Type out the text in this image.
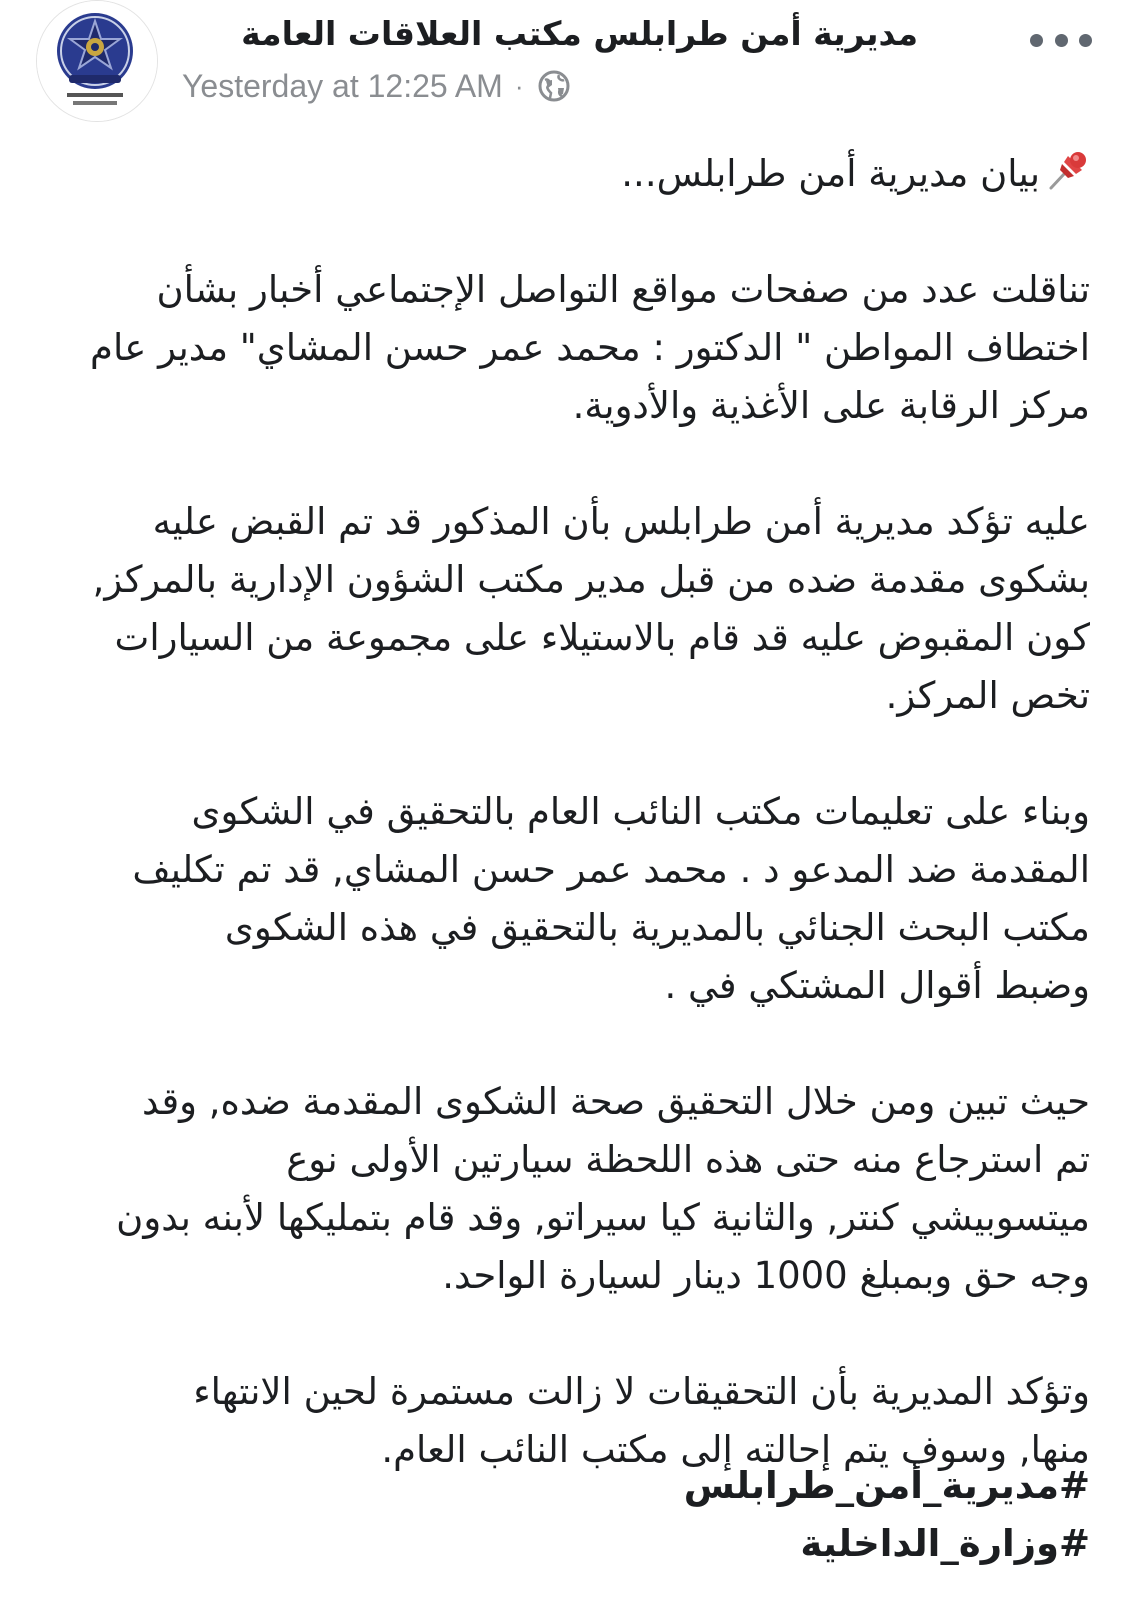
مديرية أمن طرابلس مكتب العلاقات العامة
Yesterday at 12:25 AM ·

بيان مديرية أمن طرابلس...

تناقلت عدد من صفحات مواقع التواصل الإجتماعي أخبار بشأن
اختطاف المواطن " الدكتور : محمد عمر حسن المشاي" مدير عام
مركز الرقابة على الأغذية والأدوية.

عليه تؤكد مديرية أمن طرابلس بأن المذكور قد تم القبض عليه
بشكوى مقدمة ضده من قبل مدير مكتب الشؤون الإدارية بالمركز,
كون المقبوض عليه قد قام بالاستيلاء على مجموعة من السيارات
تخص المركز.

وبناء على تعليمات مكتب النائب العام بالتحقيق في الشكوى
المقدمة ضد المدعو د . محمد عمر حسن المشاي, قد تم تكليف
مكتب البحث الجنائي بالمديرية بالتحقيق في هذه الشكوى
وضبط أقوال المشتكي في .

حيث تبين ومن خلال التحقيق صحة الشكوى المقدمة ضده, وقد
تم استرجاع منه حتى هذه اللحظة سيارتين الأولى نوع
ميتسوبيشي كنتر, والثانية كيا سيراتو, وقد قام بتمليكها لأبنه بدون
وجه حق وبمبلغ 1000 دينار لسيارة الواحد.

وتؤكد المديرية بأن التحقيقات لا زالت مستمرة لحين الانتهاء
منها, وسوف يتم إحالته إلى مكتب النائب العام.

#مديرية_أمن_طرابلس
#وزارة_الداخلية
